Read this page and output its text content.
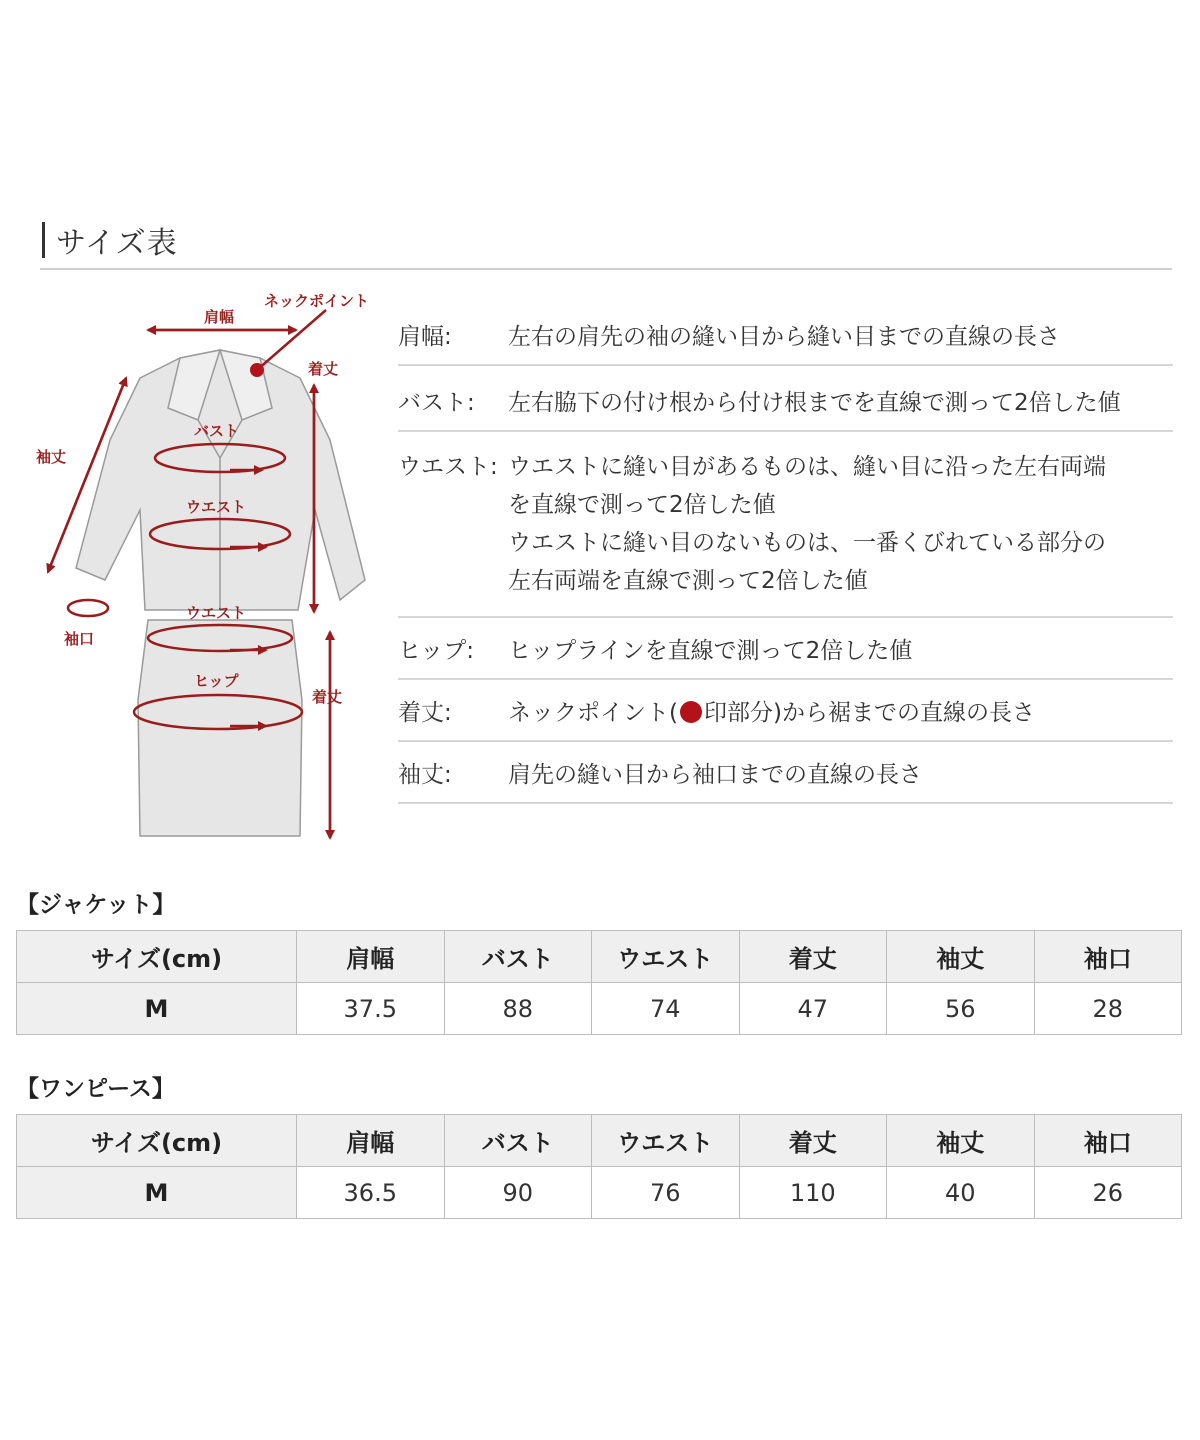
サイズ表
肩幅
ネックポイント
着丈
袖丈
バスト
ウエスト
袖口
ウエスト
ヒップ
着丈
肩幅:	左右の肩先の袖の縫い目から縫い目までの直線の長さ
バスト:	左右脇下の付け根から付け根までを直線で測って2倍した値
ウエスト: ウエストに縫い目があるものは、縫い目に沿った左右両端
を直線で測って2倍した値
ウエストに縫い目のないものは、一番くびれている部分の
左右両端を直線で測って2倍した値
ヒップ:	ヒップラインを直線で測って2倍した値
着丈:	ネックポイント( 印部分)から裾までの直線の長さ
袖丈:	肩先の縫い目から袖口までの直線の長さ
【ジャケット】
サイズ(cm)	肩幅	バスト	ウエスト	着丈	袖丈	袖口
M	37.5	88	74	47	56	28
【ワンピース】
サイズ(cm)	肩幅	バスト	ウエスト	着丈	袖丈	袖口
M	36.5	90	76	110	40	26
